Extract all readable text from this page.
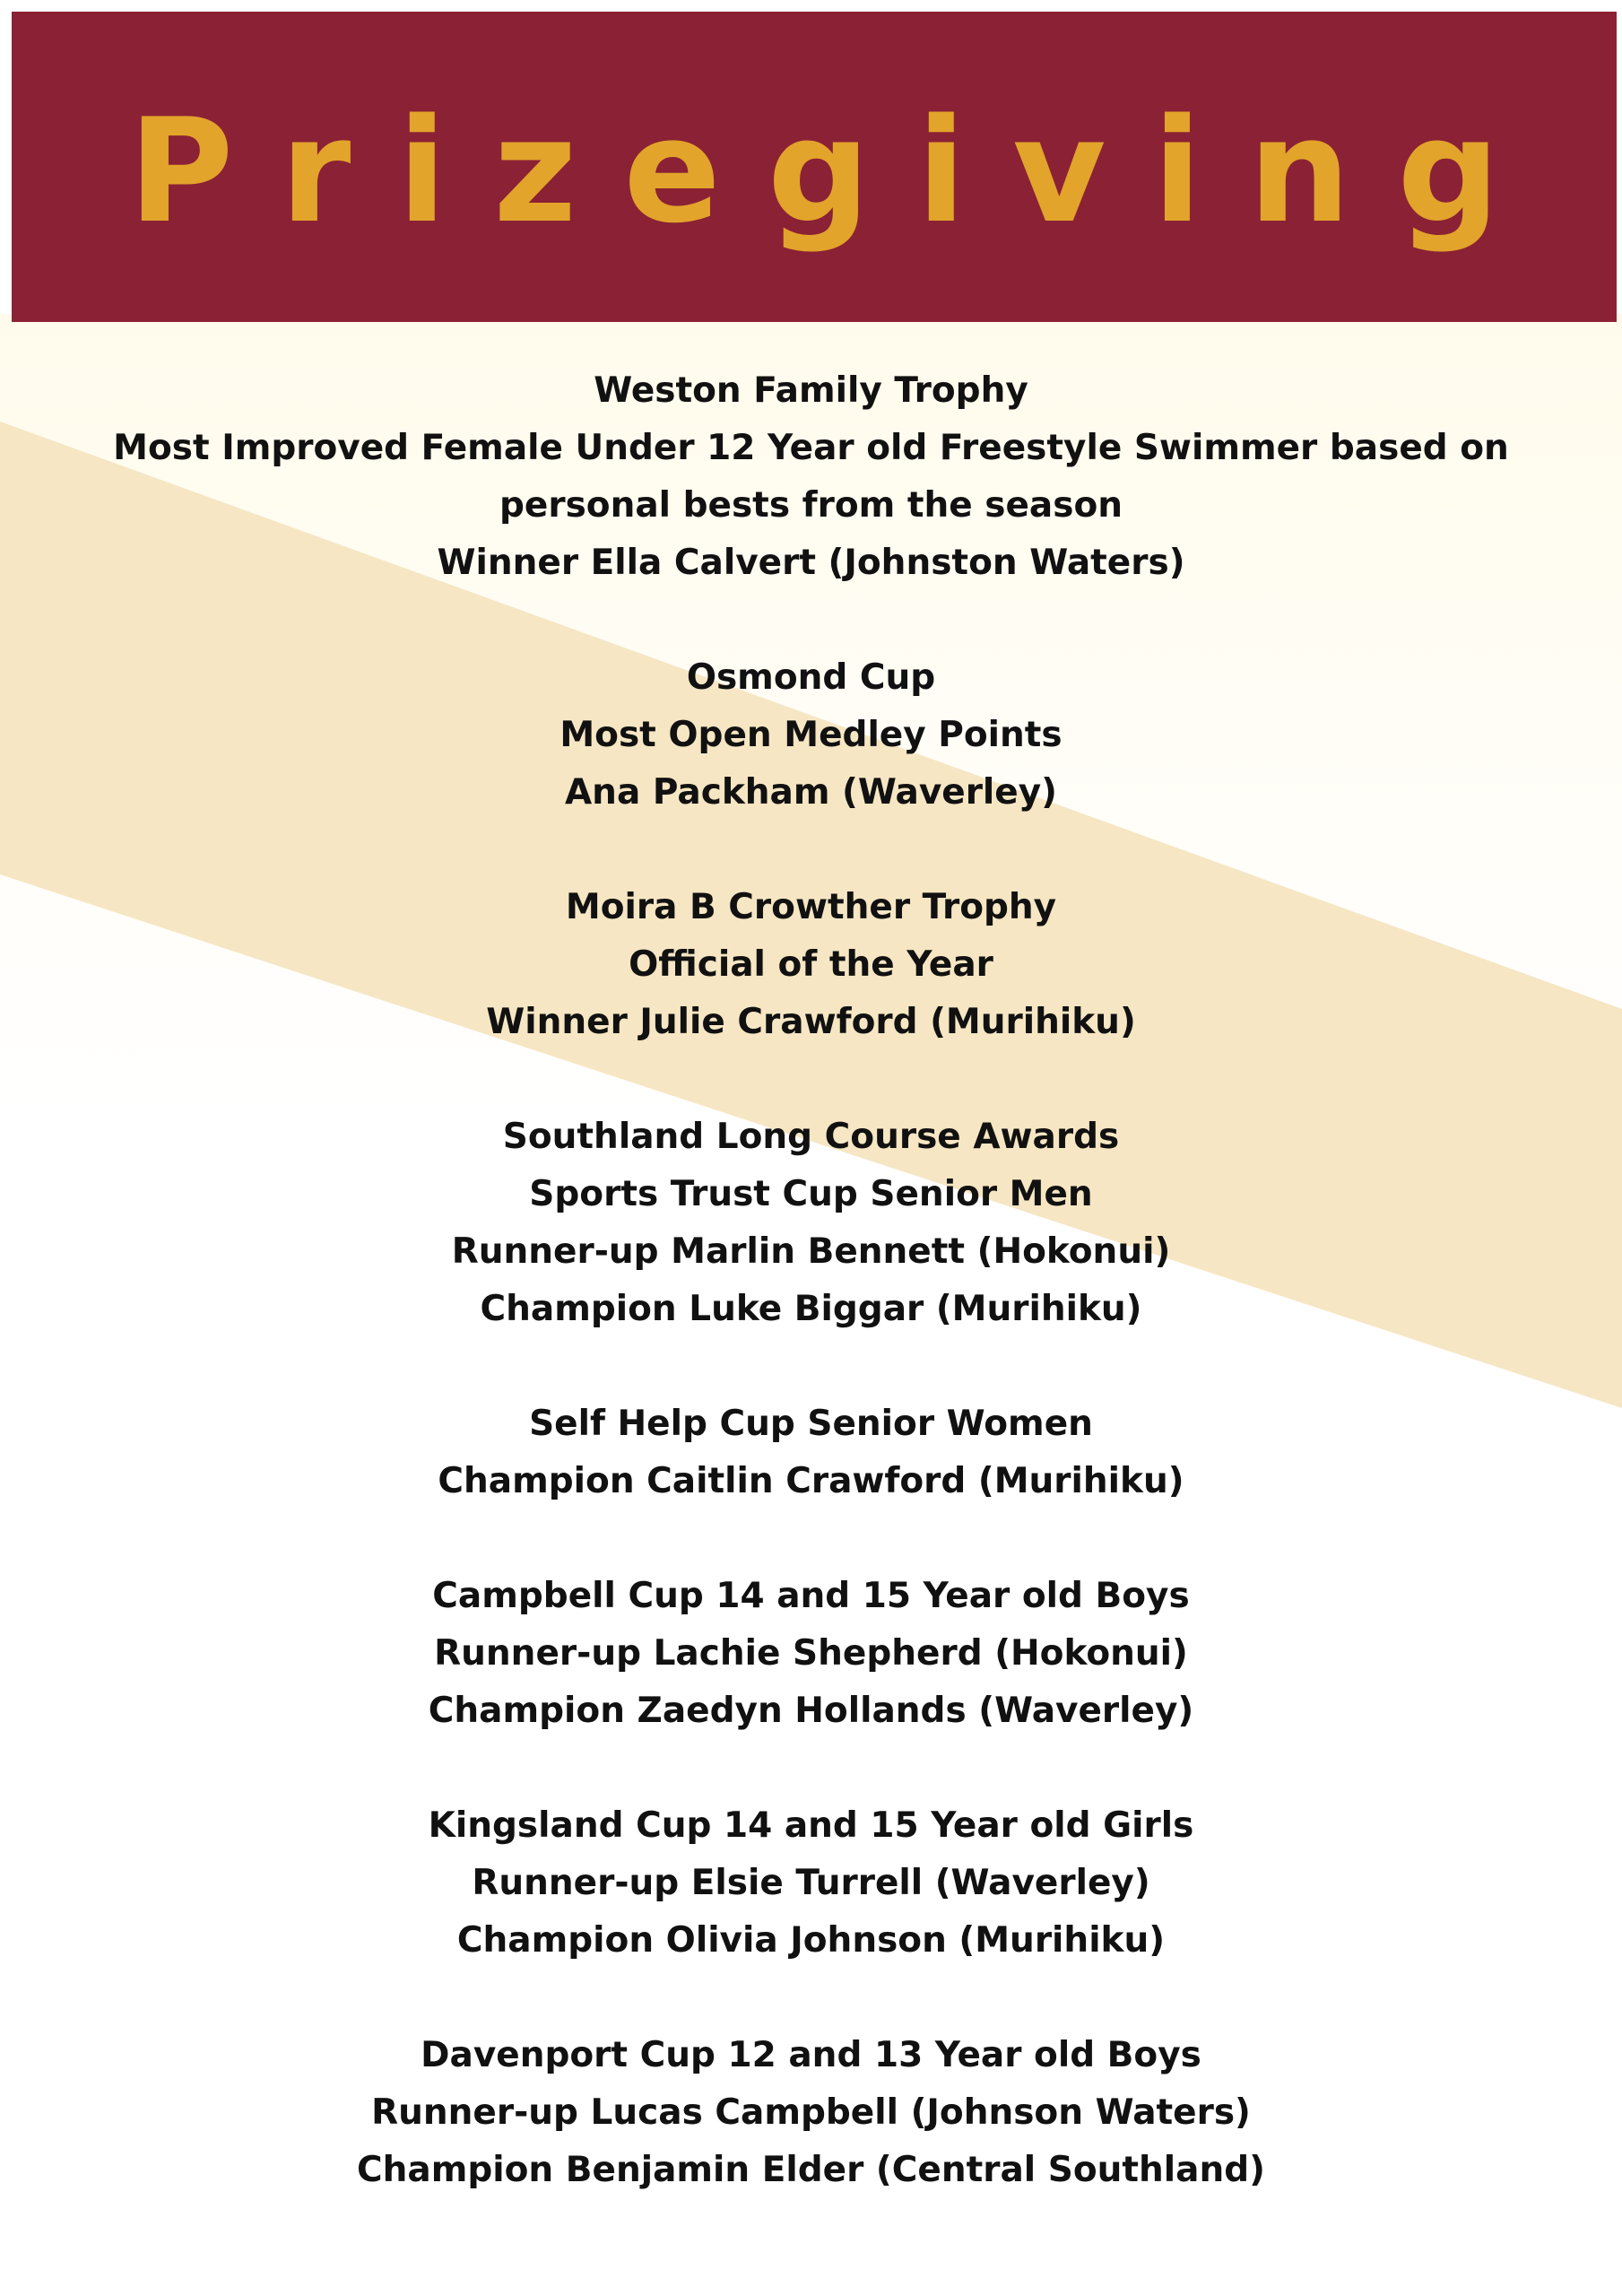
Prizegiving
Weston Family Trophy
Most Improved Female Under 12 Year old Freestyle Swimmer based on personal bests from the season
Winner Ella Calvert (Johnston Waters)
Osmond Cup
Most Open Medley Points
Ana Packham (Waverley)
Moira B Crowther Trophy
Official of the Year
Winner Julie Crawford (Murihiku)
Southland Long Course Awards
Sports Trust Cup Senior Men
Runner-up Marlin Bennett (Hokonui)
Champion Luke Biggar (Murihiku)
Self Help Cup Senior Women
Champion Caitlin Crawford (Murihiku)
Campbell Cup 14 and 15 Year old Boys
Runner-up Lachie Shepherd (Hokonui)
Champion Zaedyn Hollands (Waverley)
Kingsland Cup 14 and 15 Year old Girls
Runner-up Elsie Turrell (Waverley)
Champion Olivia Johnson (Murihiku)
Davenport Cup 12 and 13 Year old Boys
Runner-up Lucas Campbell (Johnson Waters)
Champion Benjamin Elder (Central Southland)
